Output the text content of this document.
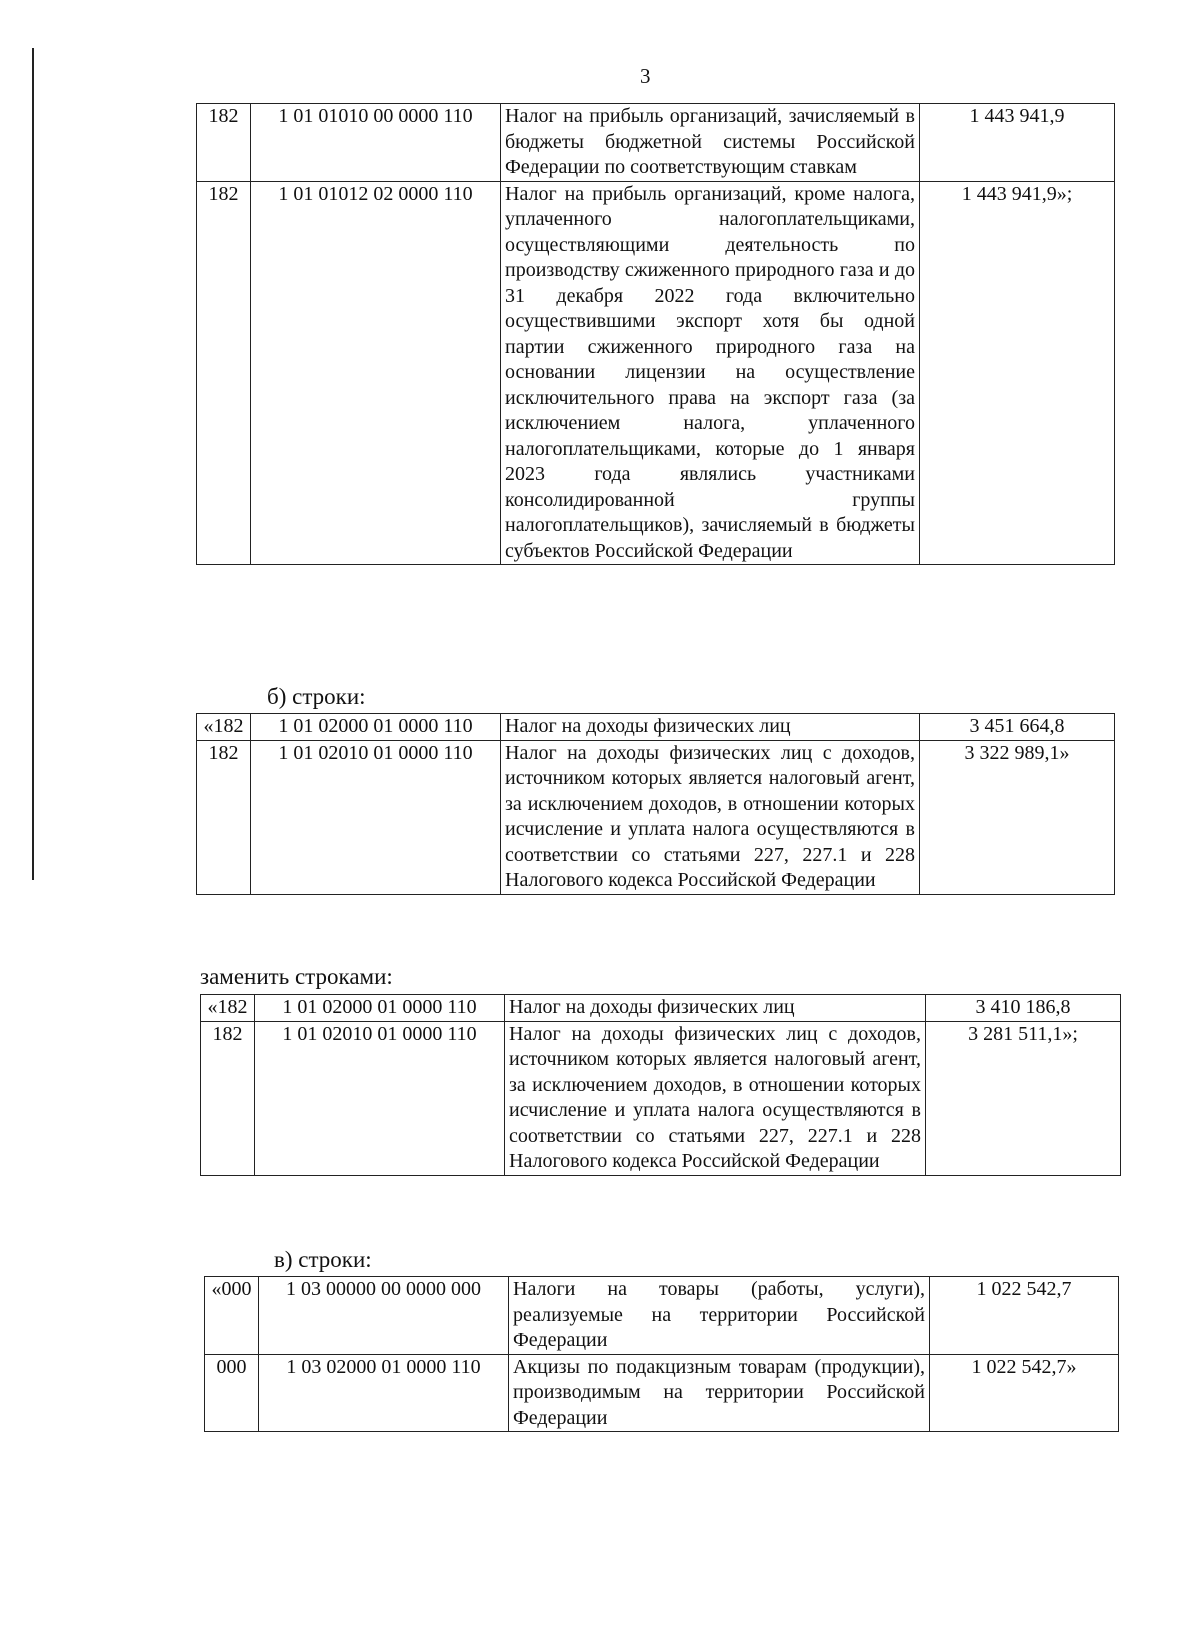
3
182	1 01 01010 00 0000 110	Налог на прибыль организаций, зачисляемый в бюджеты бюджетной системы Российской Федерации по соответствующим ставкам	1 443 941,9
182	1 01 01012 02 0000 110	Налог на прибыль организаций, кроме налога, уплаченного налогоплательщиками, осуществляющими деятельность по производству сжиженного природного газа и до 31 декабря 2022 года включительно осуществившими экспорт хотя бы одной партии сжиженного природного газа на основании лицензии на осуществление исключительного права на экспорт газа (за исключением налога, уплаченного налогоплательщиками, которые до 1 января 2023 года являлись участниками консолидированной группы налогоплательщиков), зачисляемый в бюджеты субъектов Российской Федерации	1 443 941,9»;
б) строки:
«182	1 01 02000 01 0000 110	Налог на доходы физических лиц	3 451 664,8
182	1 01 02010 01 0000 110	Налог на доходы физических лиц с доходов, источником которых является налоговый агент, за исключением доходов, в отношении которых исчисление и уплата налога осуществляются в соответствии со статьями 227, 227.1 и 228 Налогового кодекса Российской Федерации	3 322 989,1»
заменить строками:
«182	1 01 02000 01 0000 110	Налог на доходы физических лиц	3 410 186,8
182	1 01 02010 01 0000 110	Налог на доходы физических лиц с доходов, источником которых является налоговый агент, за исключением доходов, в отношении которых исчисление и уплата налога осуществляются в соответствии со статьями 227, 227.1 и 228 Налогового кодекса Российской Федерации	3 281 511,1»;
в) строки:
«000	1 03 00000 00 0000 000	Налоги на товары (работы, услуги), реализуемые на территории Российской Федерации	1 022 542,7
000	1 03 02000 01 0000 110	Акцизы по подакцизным товарам (продукции), производимым на территории Российской Федерации	1 022 542,7»
